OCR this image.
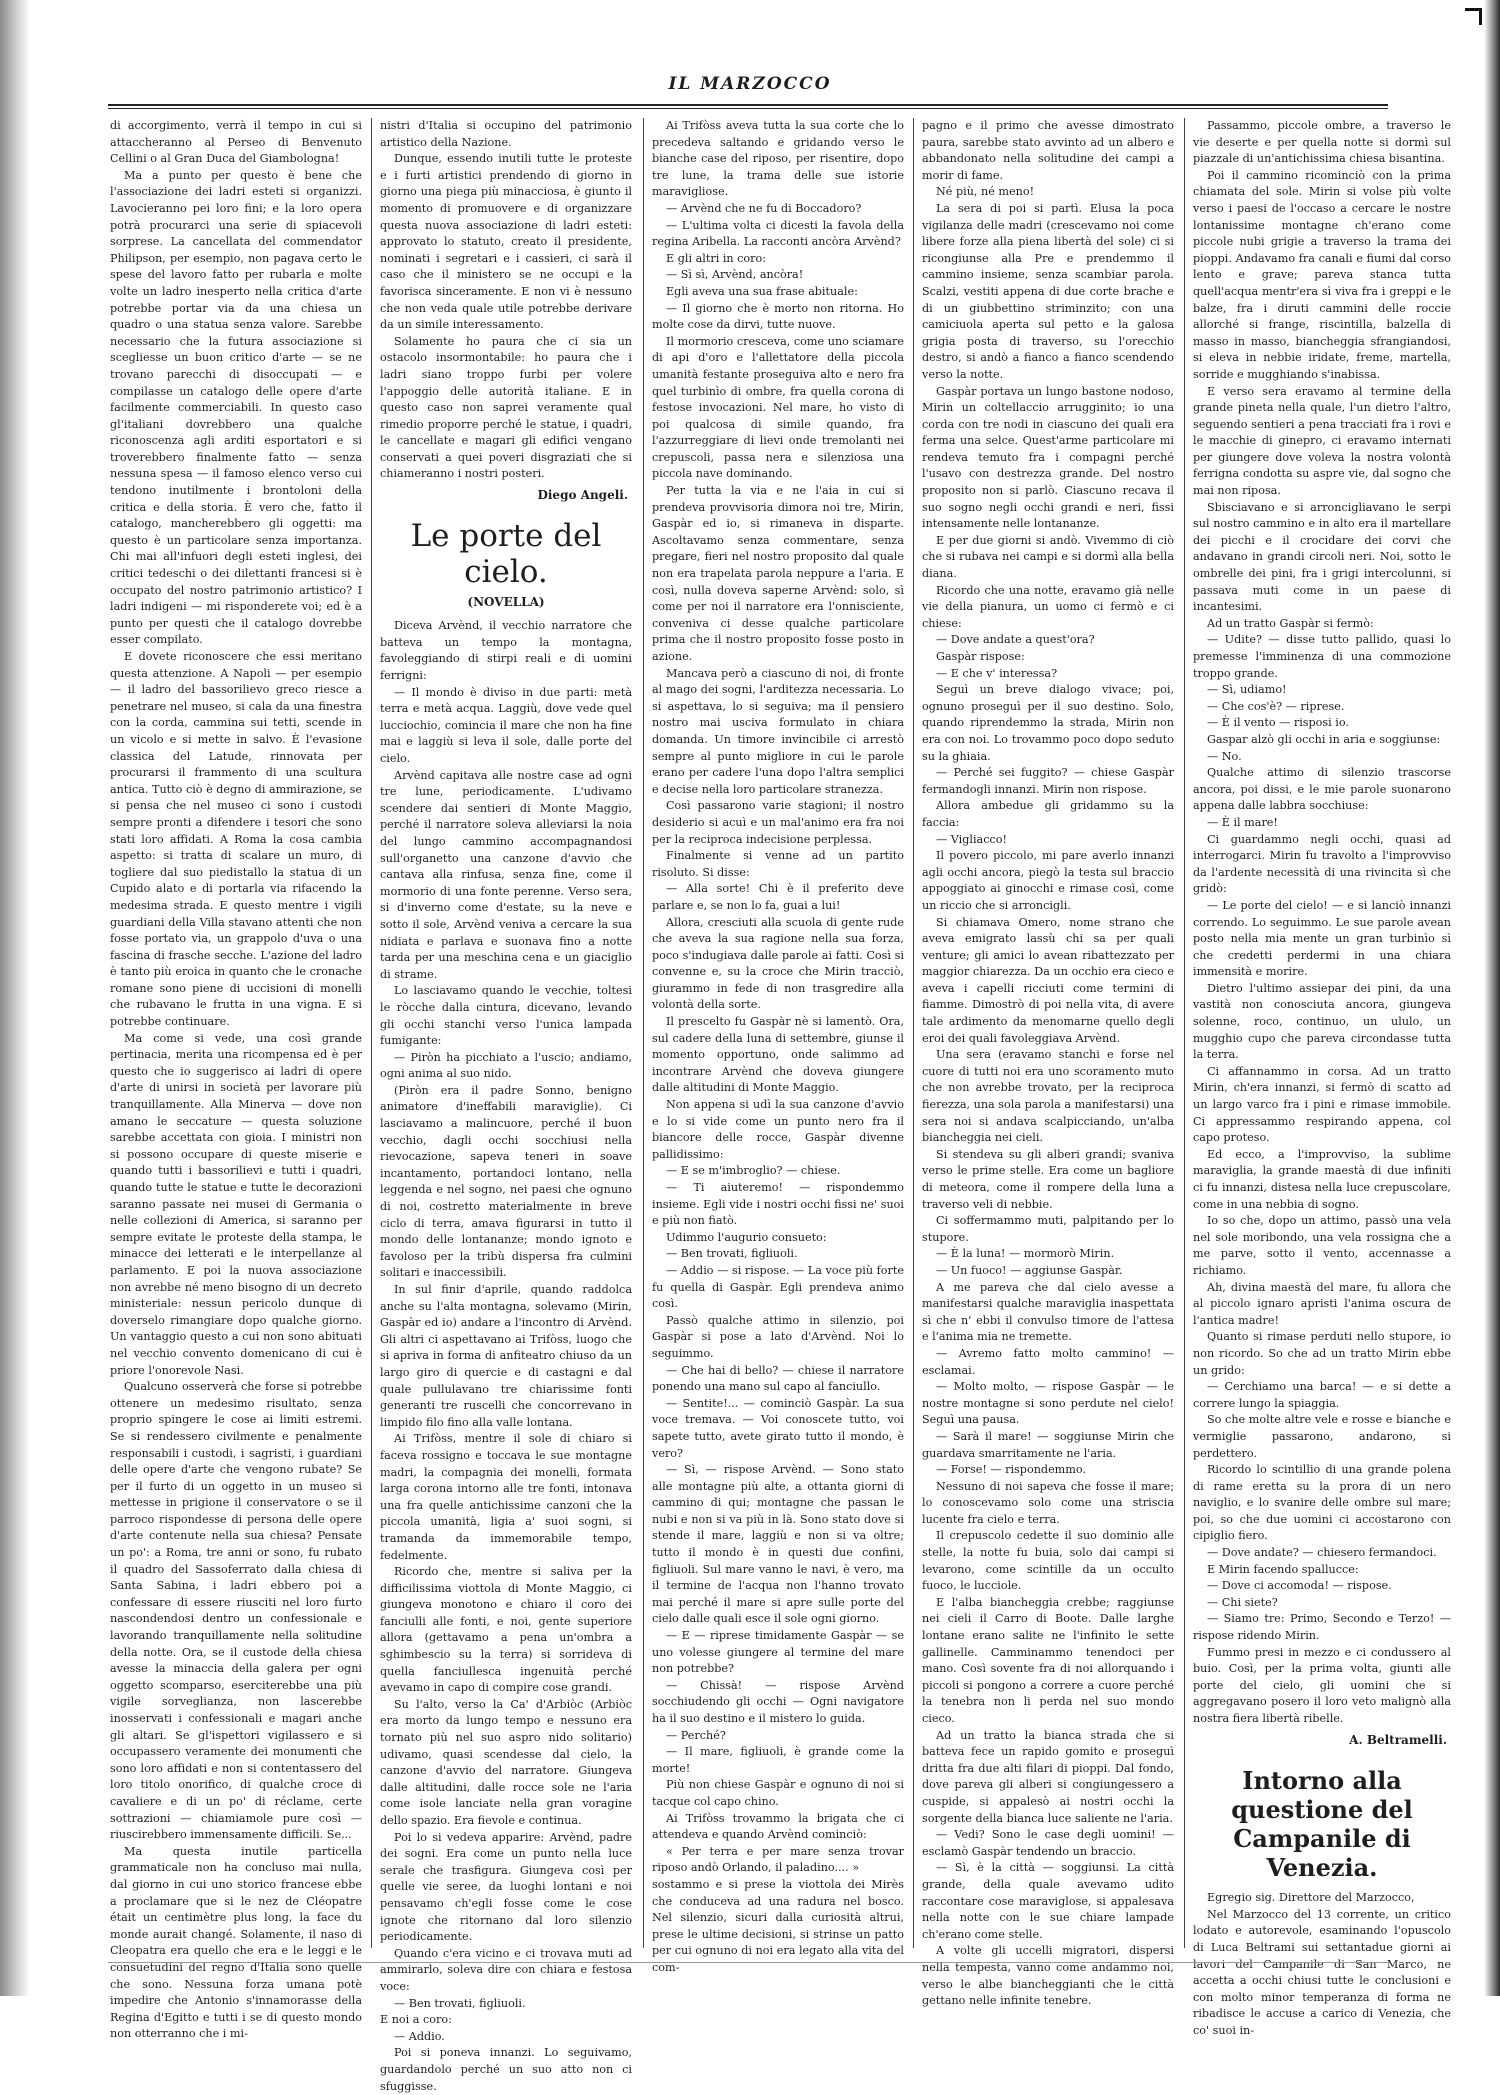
IL MARZOCCO

di accorgimento, verrà il tempo in cui si attaccheranno al Perseo di Benvenuto Cellini o al Gran Duca del Giambologna!

Ma a punto per questo è bene che l'associazione dei ladri esteti si organizzi. Lavocieranno pei loro fini; e la loro opera potrà procurarci una serie di spiacevoli sorprese. La cancellata del commendator Philipson, per esempio, non pagava certo le spese del lavoro fatto per rubarla e molte volte un ladro inesperto nella critica d'arte potrebbe portar via da una chiesa un quadro o una statua senza valore. Sarebbe necessario che la futura associazione si scegliesse un buon critico d'arte — se ne trovano parecchi di disoccupati — e compilasse un catalogo delle opere d'arte facilmente commerciabili. In questo caso gl'italiani dovrebbero una qualche riconoscenza agli arditi esportatori e si troverebbero finalmente fatto — senza nessuna spesa — il famoso elenco verso cui tendono inutilmente i brontoloni della critica e della storia. È vero che, fatto il catalogo, mancherebbero gli oggetti: ma questo è un particolare senza importanza. Chi mai all'infuori degli esteti inglesi, dei critici tedeschi o dei dilettanti francesi si è occupato del nostro patrimonio artistico? I ladri indigeni — mi risponderete voi; ed è a punto per questi che il catalogo dovrebbe esser compilato.

E dovete riconoscere che essi meritano questa attenzione. A Napoli — per esempio — il ladro del bassorilievo greco riesce a penetrare nel museo, si cala da una finestra con la corda, cammina sui tetti, scende in un vicolo e si mette in salvo. È l'evasione classica del Latude, rinnovata per procurarsi il frammento di una scultura antica. Tutto ciò è degno di ammirazione, se si pensa che nel museo ci sono i custodi sempre pronti a difendere i tesori che sono stati loro affidati. A Roma la cosa cambia aspetto: si tratta di scalare un muro, di togliere dal suo piedistallo la statua di un Cupido alato e di portarla via rifacendo la medesima strada. E questo mentre i vigili guardiani della Villa stavano attenti che non fosse portato via, un grappolo d'uva o una fascina di frasche secche. L'azione del ladro è tanto più eroica in quanto che le cronache romane sono piene di uccisioni di monelli che rubavano le frutta in una vigna. E si potrebbe continuare.

Ma come si vede, una così grande pertinacia, merita una ricompensa ed è per questo che io suggerisco ai ladri di opere d'arte di unirsi in società per lavorare più tranquillamente. Alla Minerva — dove non amano le seccature — questa soluzione sarebbe accettata con gioia. I ministri non si possono occupare di queste miserie e quando tutti i bassorilievi e tutti i quadri, quando tutte le statue e tutte le decorazioni saranno passate nei musei di Germania o nelle collezioni di America, si saranno per sempre evitate le proteste della stampa, le minacce dei letterati e le interpellanze al parlamento. E poi la nuova associazione non avrebbe né meno bisogno di un decreto ministeriale: nessun pericolo dunque di doverselo rimangiare dopo qualche giorno. Un vantaggio questo a cui non sono abituati nel vecchio convento domenicano di cui è priore l'onorevole Nasi.

Qualcuno osserverà che forse si potrebbe ottenere un medesimo risultato, senza proprio spingere le cose ai limiti estremi. Se si rendessero civilmente e penalmente responsabili i custodi, i sagristi, i guardiani delle opere d'arte che vengono rubate? Se per il furto di un oggetto in un museo si mettesse in prigione il conservatore o se il parroco rispondesse di persona delle opere d'arte contenute nella sua chiesa? Pensate un po': a Roma, tre anni or sono, fu rubato il quadro del Sassoferrato dalla chiesa di Santa Sabina, i ladri ebbero poi a confessare di essere riusciti nel loro furto nascondendosi dentro un confessionale e lavorando tranquillamente nella solitudine della notte. Ora, se il custode della chiesa avesse la minaccia della galera per ogni oggetto scomparso, eserciterebbe una più vigile sorveglianza, non lascerebbe inosservati i confessionali e magari anche gli altari. Se gl'ispettori vigilassero e si occupassero veramente dei monumenti che sono loro affidati e non si contentassero del loro titolo onorifico, di qualche croce di cavaliere e di un po' di réclame, certe sottrazioni — chiamiamole pure così — riuscirebbero immensamente difficili. Se...

Ma questa inutile particella grammaticale non ha concluso mai nulla, dal giorno in cui uno storico francese ebbe a proclamare que si le nez de Cléopatre était un centimètre plus long, la face du monde aurait changé. Solamente, il naso di Cleopatra era quello che era e le leggi e le consuetudini del regno d'Italia sono quelle che sono. Nessuna forza umana potè impedire che Antonio s'innamorasse della Regina d'Egitto e tutti i se di questo mondo non otterranno che i mi-

nistri d'Italia si occupino del patrimonio artistico della Nazione.

Dunque, essendo inutili tutte le proteste e i furti artistici prendendo di giorno in giorno una piega più minacciosa, è giunto il momento di promuovere e di organizzare questa nuova associazione di ladri esteti: approvato lo statuto, creato il presidente, nominati i segretari e i cassieri, ci sarà il caso che il ministero se ne occupi e la favorisca sinceramente. E non vi è nessuno che non veda quale utile potrebbe derivare da un simile interessamento.

Solamente ho paura che ci sia un ostacolo insormontabile: ho paura che i ladri siano troppo furbi per volere l'appoggio delle autorità italiane. E in questo caso non saprei veramente qual rimedio proporre perché le statue, i quadri, le cancellate e magari gli edifici vengano conservati a quei poveri disgraziati che si chiameranno i nostri posteri.

Diego Angeli.
Le porte del cielo.
(NOVELLA)

Diceva Arvènd, il vecchio narratore che batteva un tempo la montagna, favoleggiando di stirpi reali e di uomini ferrigni:

— Il mondo è diviso in due parti: metà terra e metà acqua. Laggiù, dove vede quel lucciochio, comincia il mare che non ha fine mai e laggiù si leva il sole, dalle porte del cielo.

Arvènd capitava alle nostre case ad ogni tre lune, periodicamente. L'udivamo scendere dai sentieri di Monte Maggio, perché il narratore soleva alleviarsi la noia del lungo cammino accompagnandosi sull'organetto una canzone d'avvio che cantava alla rinfusa, senza fine, come il mormorio di una fonte perenne. Verso sera, si d'inverno come d'estate, su la neve e sotto il sole, Arvènd veniva a cercare la sua nidiata e parlava e suonava fino a notte tarda per una meschina cena e un giaciglio di strame.

Lo lasciavamo quando le vecchie, toltesi le ròcche dalla cintura, dicevano, levando gli occhi stanchi verso l'unica lampada fumigante:

— Piròn ha picchiato a l'uscio; andiamo, ogni anima al suo nido.

(Piròn era il padre Sonno, benigno animatore d'ineffabili maraviglie). Ci lasciavamo a malincuore, perché il buon vecchio, dagli occhi socchiusi nella rievocazione, sapeva teneri in soave incantamento, portandoci lontano, nella leggenda e nel sogno, nei paesi che ognuno di noi, costretto materialmente in breve ciclo di terra, amava figurarsi in tutto il mondo delle lontananze; mondo ignoto e favoloso per la tribù dispersa fra culmini solitari e inaccessibili.

In sul finir d'aprile, quando raddolca anche su l'alta montagna, solevamo (Mirin, Gaspàr ed io) andare a l'incontro di Arvènd. Gli altri ci aspettavano ai Trifòss, luogo che si apriva in forma di anfiteatro chiuso da un largo giro di quercie e di castagni e dal quale pullulavano tre chiarissime fonti generanti tre ruscelli che concorrevano in limpido filo fino alla valle lontana.

Ai Trifòss, mentre il sole di chiaro si faceva rossigno e toccava le sue montagne madri, la compagnia dei monelli, formata larga corona intorno alle tre fonti, intonava una fra quelle antichissime canzoni che la piccola umanità, ligia a' suoi sogni, si tramanda da immemorabile tempo, fedelmente.

Ricordo che, mentre si saliva per la difficilissima viottola di Monte Maggio, ci giungeva monotono e chiaro il coro dei fanciulli alle fonti, e noi, gente superiore allora (gettavamo a pena un'ombra a sghimbescio su la terra) si sorrideva di quella fanciullesca ingenuità perché avevamo in capo di compire cose grandi.

Su l'alto, verso la Ca' d'Arbiòc (Arbiòc era morto da lungo tempo e nessuno era tornato più nel suo aspro nido solitario) udivamo, quasi scendesse dal cielo, la canzone d'avvio del narratore. Giungeva dalle altitudini, dalle rocce sole ne l'aria come isole lanciate nella gran voragine dello spazio. Era fievole e continua.

Poi lo si vedeva apparire: Arvènd, padre dei sogni. Era come un punto nella luce serale che trasfigura. Giungeva così per quelle vie seree, da luoghi lontani e noi pensavamo ch'egli fosse come le cose ignote che ritornano dal loro silenzio periodicamente.

Quando c'era vicino e ci trovava muti ad ammirarlo, soleva dire con chiara e festosa voce:

— Ben trovati, figliuoli.

E noi a coro:

— Addio.

Poi si poneva innanzi. Lo seguivamo, guardandolo perché un suo atto non ci sfuggisse.

Ai Trifòss aveva tutta la sua corte che lo precedeva saltando e gridando verso le bianche case del riposo, per risentire, dopo tre lune, la trama delle sue istorie maravigliose.

— Arvènd che ne fu di Boccadoro?

— L'ultima volta ci dicesti la favola della regina Aribella. La racconti ancòra Arvènd?

E gli altri in coro:

— Sì sì, Arvènd, ancòra!

Egli aveva una sua frase abituale:

— Il giorno che è morto non ritorna. Ho molte cose da dirvi, tutte nuove.

Il mormorio cresceva, come uno sciamare di api d'oro e l'allettatore della piccola umanità festante proseguiva alto e nero fra quel turbinìo di ombre, fra quella corona di festose invocazioni. Nel mare, ho visto di poi qualcosa di simile quando, fra l'azzurreggiare di lievi onde tremolanti nei crepuscoli, passa nera e silenziosa una piccola nave dominando.

Per tutta la via e ne l'aia in cui si prendeva provvisoria dimora noi tre, Mirin, Gaspàr ed io, si rimaneva in disparte. Ascoltavamo senza commentare, senza pregare, fieri nel nostro proposito dal quale non era trapelata parola neppure a l'aria. E così, nulla doveva saperne Arvènd: solo, sì come per noi il narratore era l'onnisciente, conveniva ci desse qualche particolare prima che il nostro proposito fosse posto in azione.

Mancava però a ciascuno di noi, di fronte al mago dei sogni, l'arditezza necessaria. Lo si aspettava, lo si seguiva; ma il pensiero nostro mai usciva formulato in chiara domanda. Un timore invincibile ci arrestò sempre al punto migliore in cui le parole erano per cadere l'una dopo l'altra semplici e decise nella loro particolare stranezza.

Così passarono varie stagioni; il nostro desiderio si acuì e un mal'animo era fra noi per la reciproca indecisione perplessa.

Finalmente si venne ad un partito risoluto. Si disse:

— Alla sorte! Chi è il preferito deve parlare e, se non lo fa, guai a lui!

Allora, cresciuti alla scuola di gente rude che aveva la sua ragione nella sua forza, poco s'indugiava dalle parole ai fatti. Così si convenne e, su la croce che Mirin tracciò, giurammo in fede di non trasgredire alla volontà della sorte.

Il prescelto fu Gaspàr nè si lamentò. Ora, sul cadere della luna di settembre, giunse il momento opportuno, onde salimmo ad incontrare Arvènd che doveva giungere dalle altitudini di Monte Maggio.

Non appena si udì la sua canzone d'avvio e lo si vide come un punto nero fra il biancore delle rocce, Gaspàr divenne pallidissimo:

— E se m'imbroglio? — chiese.

— Ti aiuteremo! — rispondemmo insieme. Egli vide i nostri occhi fissi ne' suoi e più non fiatò.

Udimmo l'augurio consueto:

— Ben trovati, figliuoli.

— Addio — si rispose. — La voce più forte fu quella di Gaspàr. Egli prendeva animo così.

Passò qualche attimo in silenzio, poi Gaspàr si pose a lato d'Arvènd. Noi lo seguimmo.

— Che hai di bello? — chiese il narratore ponendo una mano sul capo al fanciullo.

— Sentite!... — cominciò Gaspàr. La sua voce tremava. — Voi conoscete tutto, voi sapete tutto, avete girato tutto il mondo, è vero?

— Sì, — rispose Arvènd. — Sono stato alle montagne più alte, a ottanta giorni di cammino di qui; montagne che passan le nubi e non si va più in là. Sono stato dove si stende il mare, laggiù e non si va oltre; tutto il mondo è in questi due confini, figliuoli. Sul mare vanno le navi, è vero, ma il termine de l'acqua non l'hanno trovato mai perché il mare si apre sulle porte del cielo dalle quali esce il sole ogni giorno.

— E — riprese timidamente Gaspàr — se uno volesse giungere al termine del mare non potrebbe?

— Chissà! — rispose Arvènd socchiudendo gli occhi — Ogni navigatore ha il suo destino e il mistero lo guida.

— Perché?

— Il mare, figliuoli, è grande come la morte!

Più non chiese Gaspàr e ognuno di noi si tacque col capo chino.

Ai Trifòss trovammo la brigata che ci attendeva e quando Arvènd cominciò:

« Per terra e per mare senza trovar riposo andò Orlando, il paladino.... »

sostammo e si prese la viottola dei Mirès che conduceva ad una radura nel bosco. Nel silenzio, sicuri dalla curiosità altrui, prese le ultime decisioni, si strinse un patto per cui ognuno di noi era legato alla vita del com-

pagno e il primo che avesse dimostrato paura, sarebbe stato avvinto ad un albero e abbandonato nella solitudine dei campi a morir di fame.

Né più, né meno!

La sera di poi si partì. Elusa la poca vigilanza delle madri (crescevamo noi come libere forze alla piena libertà del sole) ci si ricongiunse alla Pre e prendemmo il cammino insieme, senza scambiar parola. Scalzi, vestiti appena di due corte brache e di un giubbettino striminzito; con una camiciuola aperta sul petto e la galosa grigia posta di traverso, su l'orecchio destro, si andò a fianco a fianco scendendo verso la notte.

Gaspàr portava un lungo bastone nodoso, Mirin un coltellaccio arrugginito; io una corda con tre nodi in ciascuno dei quali era ferma una selce. Quest'arme particolare mi rendeva temuto fra i compagni perché l'usavo con destrezza grande. Del nostro proposito non si parlò. Ciascuno recava il suo sogno negli occhi grandi e neri, fissi intensamente nelle lontananze.

E per due giorni si andò. Vivemmo di ciò che si rubava nei campi e si dormì alla bella diana.

Ricordo che una notte, eravamo già nelle vie della pianura, un uomo ci fermò e ci chiese:

— Dove andate a quest'ora?

Gaspàr rispose:

— E che v' interessa?

Seguì un breve dialogo vivace; poi, ognuno proseguì per il suo destino. Solo, quando riprendemmo la strada, Mirin non era con noi. Lo trovammo poco dopo seduto su la ghiaia.

— Perché sei fuggito? — chiese Gaspàr fermandogli innanzi. Mirin non rispose.

Allora ambedue gli gridammo su la faccia:

— Vigliacco!

Il povero piccolo, mi pare averlo innanzi agli occhi ancora, piegò la testa sul braccio appoggiato ai ginocchi e rimase così, come un riccio che si arroncigli.

Si chiamava Omero, nome strano che aveva emigrato lassù chi sa per quali venture; gli amici lo avean ribattezzato per maggior chiarezza. Da un occhio era cieco e aveva i capelli ricciuti come termini di fiamme. Dimostrò di poi nella vita, di avere tale ardimento da menomarne quello degli eroi dei quali favoleggiava Arvènd.

Una sera (eravamo stanchi e forse nel cuore di tutti noi era uno scoramento muto che non avrebbe trovato, per la reciproca fierezza, una sola parola a manifestarsi) una sera noi si andava scalpicciando, un'alba biancheggia nei cieli.

Si stendeva su gli alberi grandi; svaniva verso le prime stelle. Era come un bagliore di meteora, come il rompere della luna a traverso veli di nebbie.

Ci soffermammo muti, palpitando per lo stupore.

— È la luna! — mormorò Mirin.

— Un fuoco! — aggiunse Gaspàr.

A me pareva che dal cielo avesse a manifestarsi qualche maraviglia inaspettata sì che n' ebbi il convulso timore de l'attesa e l'anima mia ne tremette.

— Avremo fatto molto cammino! — esclamai.

— Molto molto, — rispose Gaspàr — le nostre montagne si sono perdute nel cielo! Seguì una pausa.

— Sarà il mare! — soggiunse Mirin che guardava smarritamente ne l'aria.

— Forse! — rispondemmo.

Nessuno di noi sapeva che fosse il mare; lo conoscevamo solo come una striscia lucente fra cielo e terra.

Il crepuscolo cedette il suo dominio alle stelle, la notte fu buia, solo dai campi si levarono, come scintille da un occulto fuoco, le lucciole.

E l'alba biancheggia crebbe; raggiunse nei cieli il Carro di Boote. Dalle larghe lontane erano salite ne l'infinito le sette gallinelle. Camminammo tenendoci per mano. Così sovente fra di noi allorquando i piccoli si pongono a correre a cuore perché la tenebra non li perda nel suo mondo cieco.

Ad un tratto la bianca strada che si batteva fece un rapido gomito e proseguì dritta fra due alti filari di pioppi. Dal fondo, dove pareva gli alberi si congiungessero a cuspide, si appalesò ai nostri occhi la sorgente della bianca luce saliente ne l'aria.

— Vedi? Sono le case degli uomini! — esclamò Gaspàr tendendo un braccio.

— Sì, è la città — soggiunsi. La città grande, della quale avevamo udito raccontare cose maraviglose, si appalesava nella notte con le sue chiare lampade ch'erano come stelle.

A volte gli uccelli migratori, dispersi nella tempesta, vanno come andammo noi, verso le albe biancheggianti che le città gettano nelle infinite tenebre.

Passammo, piccole ombre, a traverso le vie deserte e per quella notte si dormì sul piazzale di un'antichissima chiesa bisantina.

Poi il cammino ricominciò con la prima chiamata del sole. Mirin si volse più volte verso i paesi de l'occaso a cercare le nostre lontanissime montagne ch'erano come piccole nubi grigie a traverso la trama dei pioppi. Andavamo fra canali e fiumi dal corso lento e grave; pareva stanca tutta quell'acqua mentr'era sì viva fra i greppi e le balze, fra i diruti cammini delle roccie allorché si frange, riscintilla, balzella di masso in masso, biancheggia sfrangiandosi, si eleva in nebbie iridate, freme, martella, sorride e mugghiando s'inabissa.

E verso sera eravamo al termine della grande pineta nella quale, l'un dietro l'altro, seguendo sentieri a pena tracciati fra i rovi e le macchie di ginepro, ci eravamo internati per giungere dove voleva la nostra volontà ferrigna condotta su aspre vie, dal sogno che mai non riposa.

Sbisciavano e si arroncigliavano le serpi sul nostro cammino e in alto era il martellare dei picchi e il crocidare dei corvi che andavano in grandi circoli neri. Noi, sotto le ombrelle dei pini, fra i grigi intercolunni, si passava muti come in un paese di incantesimi.

Ad un tratto Gaspàr si fermò:

— Udite? — disse tutto pallido, quasi lo premesse l'imminenza di una commozione troppo grande.

— Sì, udiamo!

— Che cos'è? — riprese.

— È il vento — risposi io.

Gaspar alzò gli occhi in aria e soggiunse:

— No.

Qualche attimo di silenzio trascorse ancora, poi dissi, e le mie parole suonarono appena dalle labbra socchiuse:

— È il mare!

Ci guardammo negli occhi, quasi ad interrogarci. Mirin fu travolto a l'improvviso da l'ardente necessità di una rivincita sì che gridò:

— Le porte del cielo! — e si lanciò innanzi correndo. Lo seguimmo. Le sue parole avean posto nella mia mente un gran turbinìo sì che credetti perdermi in una chiara immensità e morire.

Dietro l'ultimo assiepar dei pini, da una vastità non conosciuta ancora, giungeva solenne, roco, continuo, un ululo, un mugghio cupo che pareva circondasse tutta la terra.

Ci affannammo in corsa. Ad un tratto Mirin, ch'era innanzi, si fermò di scatto ad un largo varco fra i pini e rimase immobile. Ci appressammo respirando appena, col capo proteso.

Ed ecco, a l'improvviso, la sublime maraviglia, la grande maestà di due infiniti ci fu innanzi, distesa nella luce crepuscolare, come in una nebbia di sogno.

Io so che, dopo un attimo, passò una vela nel sole moribondo, una vela rossigna che a me parve, sotto il vento, accennasse a richiamo.

Ah, divina maestà del mare, fu allora che al piccolo ignaro apristi l'anima oscura de l'antica madre!

Quanto si rimase perduti nello stupore, io non ricordo. So che ad un tratto Mirin ebbe un grido:

— Cerchiamo una barca! — e si dette a correre lungo la spiaggia.

So che molte altre vele e rosse e bianche e vermiglie passarono, andarono, si perdettero.

Ricordo lo scintillio di una grande polena di rame eretta su la prora di un nero naviglio, e lo svanire delle ombre sul mare; poi, so che due uomini ci accostarono con cipiglio fiero.

— Dove andate? — chiesero fermandoci.

E Mirin facendo spallucce:

— Dove ci accomoda! — rispose.

— Chi siete?

— Siamo tre: Primo, Secondo e Terzo! — rispose ridendo Mirin.

Fummo presi in mezzo e ci condussero al buio. Così, per la prima volta, giunti alle porte del cielo, gli uomini che si aggregavano posero il loro veto malignò alla nostra fiera libertà ribelle.

A. Beltramelli.
Intorno alla questione del Campanile di Venezia.

Egregio sig. Direttore del Marzocco,

Nel Marzocco del 13 corrente, un critico lodato e autorevole, esaminando l'opuscolo di Luca Beltrami sui settantadue giorni ai lavori del Campanile di San Marco, ne accetta a occhi chiusi tutte le conclusioni e con molto minor temperanza di forma ne ribadisce le accuse a carico di Venezia, che co' suoi in-
